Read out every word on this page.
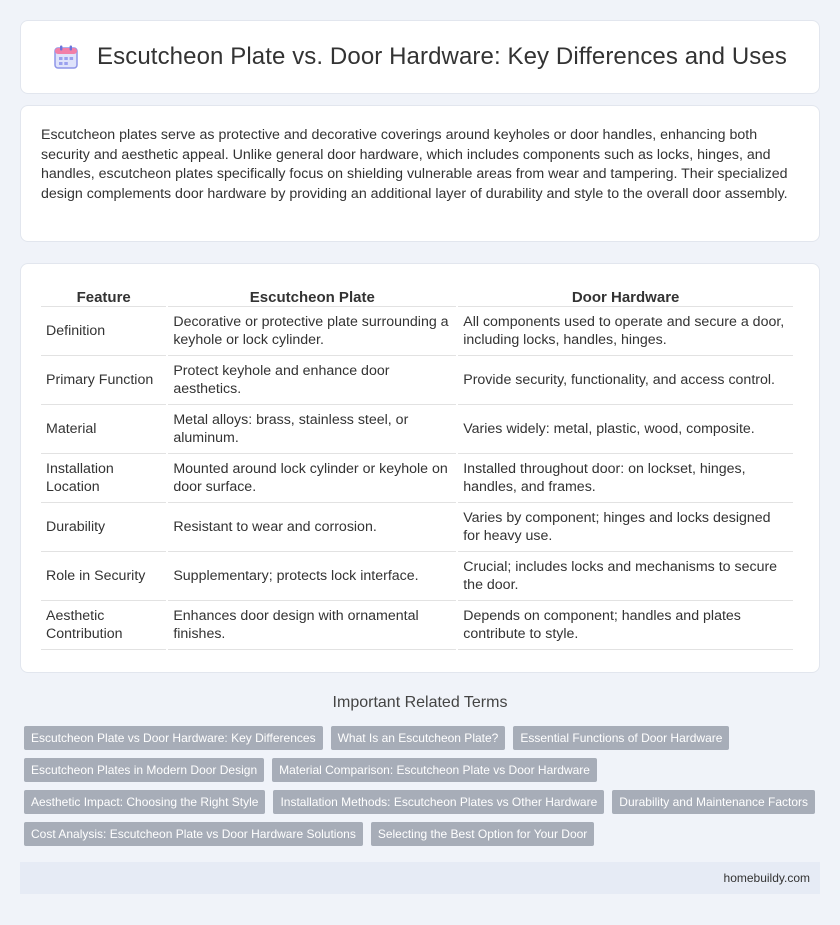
Escutcheon Plate vs. Door Hardware: Key Differences and Uses

Escutcheon plates serve as protective and decorative coverings around keyholes or door handles, enhancing both security and aesthetic appeal. Unlike general door hardware, which includes components such as locks, hinges, and handles, escutcheon plates specifically focus on shielding vulnerable areas from wear and tampering. Their specialized design complements door hardware by providing an additional layer of durability and style to the overall door assembly.

Feature	Escutcheon Plate	Door Hardware
Definition	Decorative or protective plate surrounding a keyhole or lock cylinder.	All components used to operate and secure a door, including locks, handles, hinges.
Primary Function	Protect keyhole and enhance door aesthetics.	Provide security, functionality, and access control.
Material	Metal alloys: brass, stainless steel, or aluminum.	Varies widely: metal, plastic, wood, composite.
Installation Location	Mounted around lock cylinder or keyhole on door surface.	Installed throughout door: on lockset, hinges, handles, and frames.
Durability	Resistant to wear and corrosion.	Varies by component; hinges and locks designed for heavy use.
Role in Security	Supplementary; protects lock interface.	Crucial; includes locks and mechanisms to secure the door.
Aesthetic Contribution	Enhances door design with ornamental finishes.	Depends on component; handles and plates contribute to style.
Important Related Terms
Escutcheon Plate vs Door Hardware: Key Differences	What Is an Escutcheon Plate?	Essential Functions of Door Hardware
Escutcheon Plates in Modern Door Design	Material Comparison: Escutcheon Plate vs Door Hardware
Aesthetic Impact: Choosing the Right Style	Installation Methods: Escutcheon Plates vs Other Hardware	Durability and Maintenance Factors
Cost Analysis: Escutcheon Plate vs Door Hardware Solutions	Selecting the Best Option for Your Door
homebuildy.com
